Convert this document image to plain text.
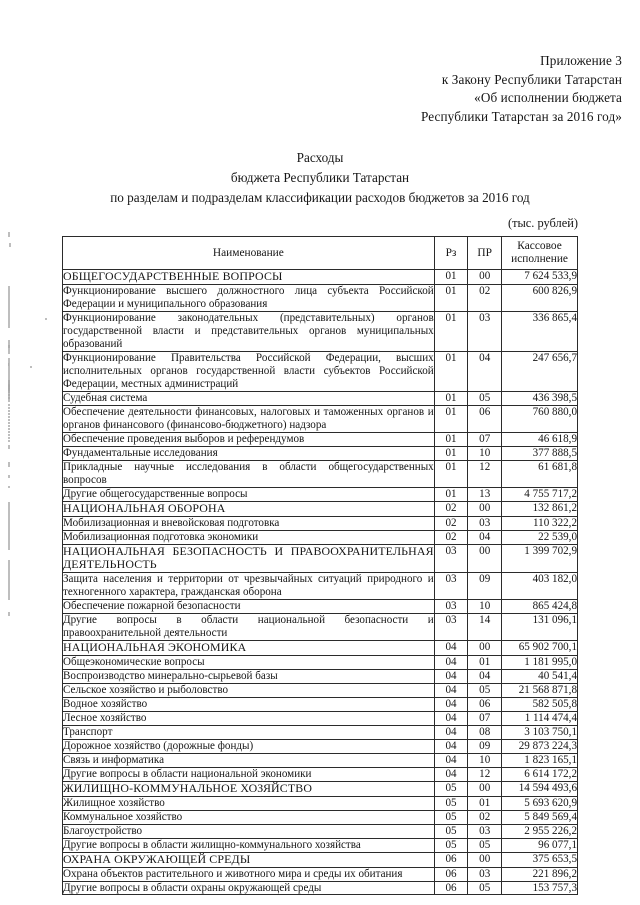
Приложение 3
к Закону Республики Татарстан
«Об исполнении бюджета
Республики Татарстан за 2016 год»
Расходы
бюджета Республики Татарстан
по разделам и подразделам классификации расходов бюджетов за 2016 год
(тыс. рублей)
Наименование	Рз	ПР	Кассовое
исполнение

ОБЩЕГОСУДАРСТВЕННЫЕ ВОПРОСЫ	01	00	7 624 533,9
Функционирование высшего должностного лица субъекта Российской Федерации и муниципального образования	01	02	600 826,9
Функционирование законодательных (представительных) органов государственной власти и представительных органов муниципальных образований	01	03	336 865,4
Функционирование Правительства Российской Федерации, высших исполнительных органов государственной власти субъектов Российской Федерации, местных администраций	01	04	247 656,7
Судебная система	01	05	436 398,5
Обеспечение деятельности финансовых, налоговых и таможенных органов и органов финансового (финансово-бюджетного) надзора	01	06	760 880,0
Обеспечение проведения выборов и референдумов	01	07	46 618,9
Фундаментальные исследования	01	10	377 888,5
Прикладные научные исследования в области общегосударственных вопросов	01	12	61 681,8
Другие общегосударственные вопросы	01	13	4 755 717,2
НАЦИОНАЛЬНАЯ ОБОРОНА	02	00	132 861,2
Мобилизационная и вневойсковая подготовка	02	03	110 322,2
Мобилизационная подготовка экономики	02	04	22 539,0
НАЦИОНАЛЬНАЯ БЕЗОПАСНОСТЬ И ПРАВООХРАНИТЕЛЬНАЯ ДЕЯТЕЛЬНОСТЬ	03	00	1 399 702,9
Защита населения и территории от чрезвычайных ситуаций природного и техногенного характера, гражданская оборона	03	09	403 182,0
Обеспечение пожарной безопасности	03	10	865 424,8
Другие вопросы в области национальной безопасности и правоохранительной деятельности	03	14	131 096,1
НАЦИОНАЛЬНАЯ ЭКОНОМИКА	04	00	65 902 700,1
Общеэкономические вопросы	04	01	1 181 995,0
Воспроизводство минерально-сырьевой базы	04	04	40 541,4
Сельское хозяйство и рыболовство	04	05	21 568 871,8
Водное хозяйство	04	06	582 505,8
Лесное хозяйство	04	07	1 114 474,4
Транспорт	04	08	3 103 750,1
Дорожное хозяйство (дорожные фонды)	04	09	29 873 224,3
Связь и информатика	04	10	1 823 165,1
Другие вопросы в области национальной экономики	04	12	6 614 172,2
ЖИЛИЩНО-КОММУНАЛЬНОЕ ХОЗЯЙСТВО	05	00	14 594 493,6
Жилищное хозяйство	05	01	5 693 620,9
Коммунальное хозяйство	05	02	5 849 569,4
Благоустройство	05	03	2 955 226,2
Другие вопросы в области жилищно-коммунального хозяйства	05	05	96 077,1
ОХРАНА ОКРУЖАЮЩЕЙ СРЕДЫ	06	00	375 653,5
Охрана объектов растительного и животного мира и среды их обитания	06	03	221 896,2
Другие вопросы в области охраны окружающей среды	06	05	153 757,3
